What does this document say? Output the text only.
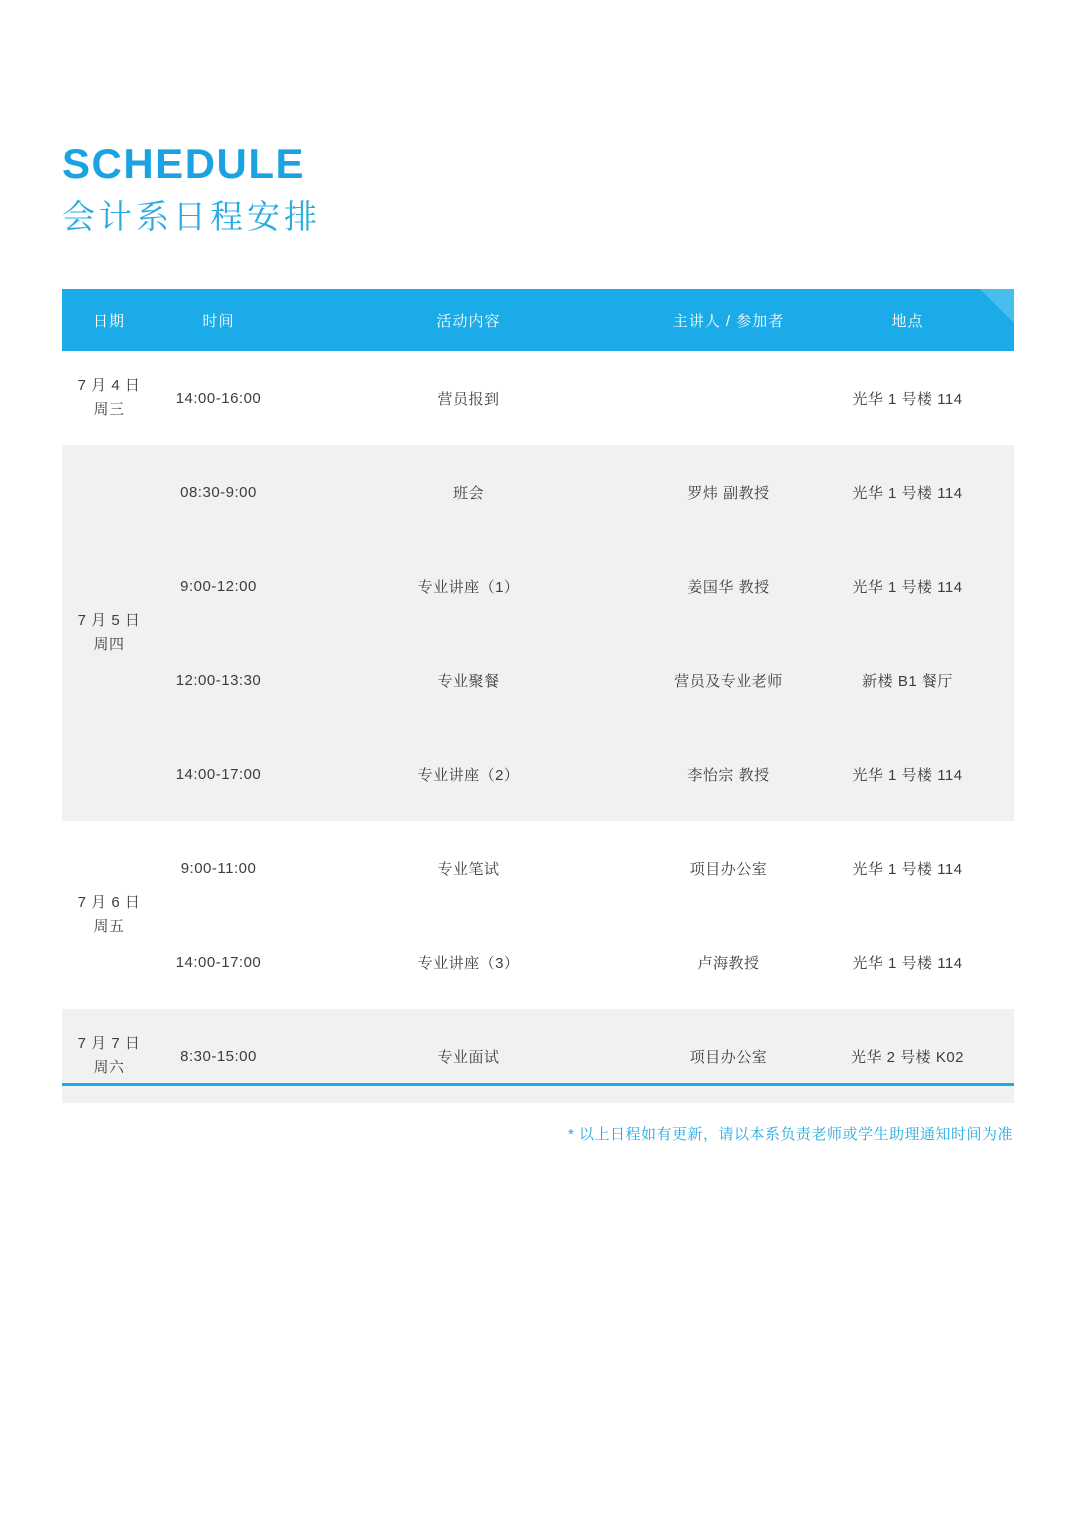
SCHEDULE
会计系日程安排
日期	时间	活动内容	主讲人 / 参加者	地点

7 月 4 日
周三	14:00-16:00	营员报到		光华 1 号楼 114

7 月 5 日
周四	08:30-9:00	班会	罗炜 副教授	光华 1 号楼 114
	9:00-12:00	专业讲座（1）	姜国华 教授	光华 1 号楼 114
	12:00-13:30	专业聚餐	营员及专业老师	新楼 B1 餐厅
	14:00-17:00	专业讲座（2）	李怡宗 教授	光华 1 号楼 114

7 月 6 日
周五	9:00-11:00	专业笔试	项目办公室	光华 1 号楼 114
	14:00-17:00	专业讲座（3）	卢海教授	光华 1 号楼 114

7 月 7 日
周六	8:30-15:00	专业面试	项目办公室	光华 2 号楼 K02
* 以上日程如有更新，请以本系负责老师或学生助理通知时间为准
